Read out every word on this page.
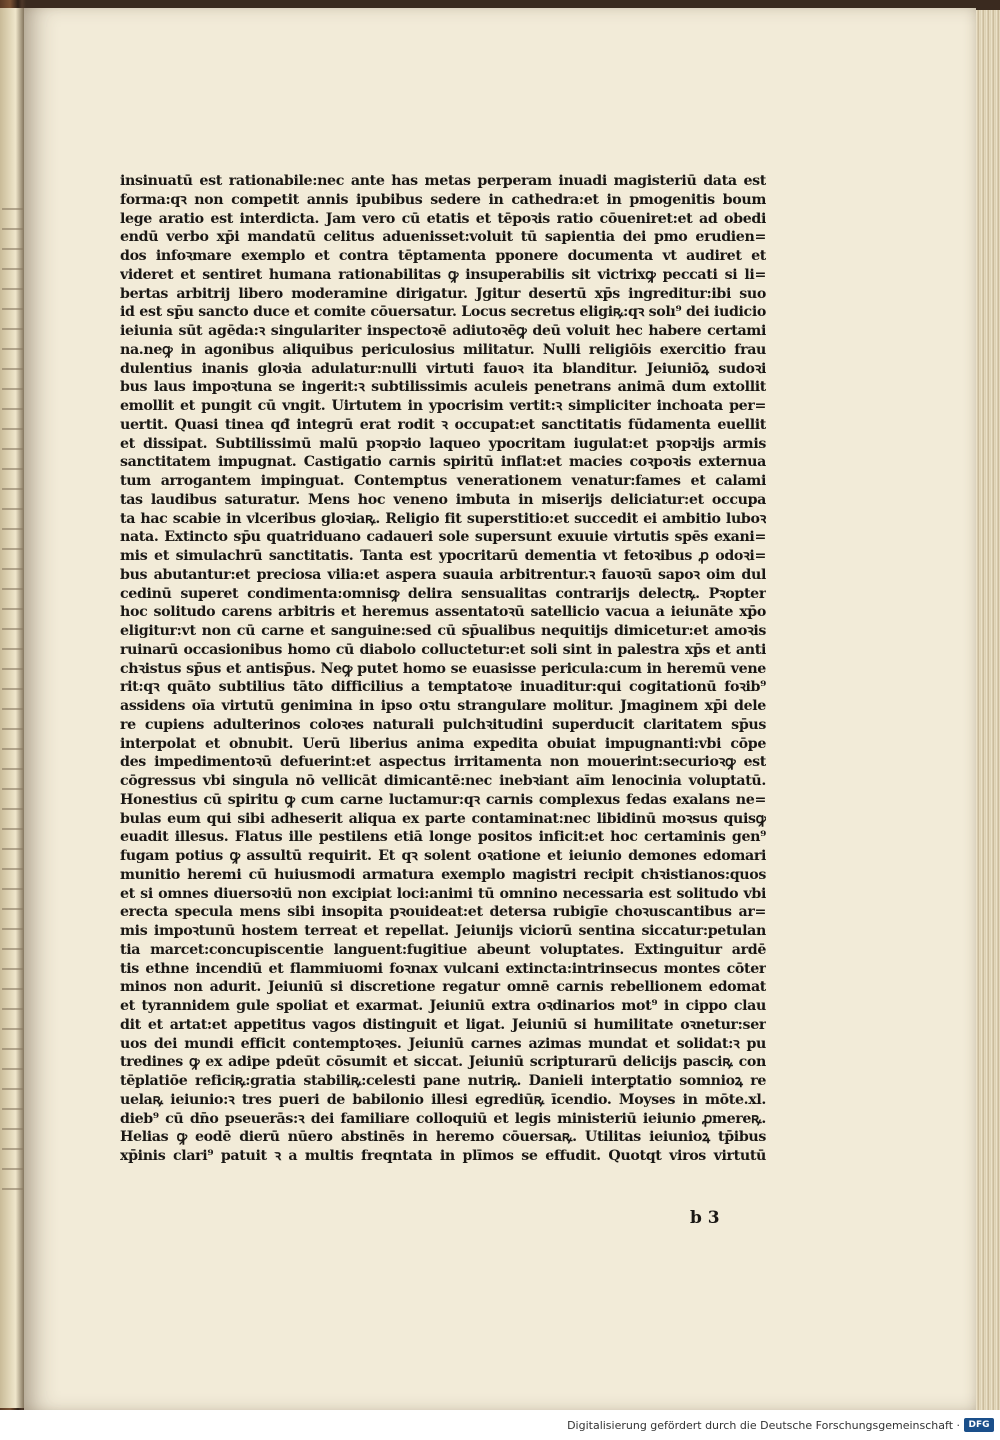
insinuatū est rationabile:nec ante has metas perperam inuadi magisteriū data est
forma:qꝛ non competit annis ipubibus sedere in cathedra:et in pmogenitis boum
lege aratio est interdicta. Jam vero cū etatis et tēpoꝛis ratio cōueniret:et ad obedi
endū verbo xp̄i mandatū celitus aduenisset:voluit tū sapientia dei pmo erudien=
dos infoꝛmare exemplo et contra tēptamenta pponere documenta vt audiret et
videret et sentiret humana rationabilitas ꝙ insuperabilis sit victrixꝙ peccati si li=
bertas arbitrij libero moderamine dirigatur. Jgitur desertū xp̄s ingreditur:ibi suo
id est sp̄u sancto duce et comite cōuersatur. Locus secretus eligiꝶ:qꝛ solı⁹ dei iudicio
ieiunia sūt agēda:ꝛ singulariter inspectoꝛē adiutoꝛēꝙ deū voluit hec habere certami
na.neꝙ in agonibus aliquibus periculosius militatur. Nulli religiōis exercitio frau
dulentius inanis gloꝛia adulatur:nulli virtuti fauoꝛ ita blanditur. Jeiuniōꝝ sudoꝛi
bus laus impoꝛtuna se ingerit:ꝛ subtilissimis aculeis penetrans animā dum extollit
emollit et pungit cū vngit. Uirtutem in ypocrisim vertit:ꝛ simpliciter inchoata per=
uertit. Quasi tinea qđ integrū erat rodit ꝛ occupat:et sanctitatis fūdamenta euellit
et dissipat. Subtilissimū malū pꝛopꝛio laqueo ypocritam iugulat:et pꝛopꝛijs armis
sanctitatem impugnat. Castigatio carnis spiritū inflat:et macies coꝛpoꝛis externua
tum arrogantem impinguat. Contemptus venerationem venatur:fames et calami
tas laudibus saturatur. Mens hoc veneno imbuta in miserijs deliciatur:et occupa
ta hac scabie in vlceribus gloꝛiaꝶ. Religio fit superstitio:et succedit ei ambitio luboꝛ
nata. Extincto sp̄u quatriduano cadaueri sole supersunt exuuie virtutis spēs exani=
mis et simulachrū sanctitatis. Tanta est ypocritarū dementia vt fetoꝛibus ꝓ odoꝛi=
bus abutantur:et preciosa vilia:et aspera suauia arbitrentur.ꝛ fauoꝛū sapoꝛ oim dul
cedinū superet condimenta:omnisꝙ delira sensualitas contrarijs delectꝶ. Pꝛopter
hoc solitudo carens arbitris et heremus assentatoꝛū satellicio vacua a ieiunāte xp̄o
eligitur:vt non cū carne et sanguine:sed cū sp̄ualibus nequitijs dimicetur:et amoꝛis
ruinarū occasionibus homo cū diabolo colluctetur:et soli sint in palestra xp̄s et anti
chꝛistus sp̄us et antisp̄us. Neꝙ putet homo se euasisse pericula:cum in heremū vene
rit:qꝛ quāto subtilius tāto difficilius a temptatoꝛe inuaditur:qui cogitationū foꝛib⁹
assidens oīa virtutū genimina in ipso oꝛtu strangulare molitur. Jmaginem xp̄i dele
re cupiens adulterinos coloꝛes naturali pulchꝛitudini superducit claritatem sp̄us
interpolat et obnubit. Uerū liberius anima expedita obuiat impugnanti:vbi cōpe
des impedimentoꝛū defuerint:et aspectus irritamenta non mouerint:securioꝛꝙ est
cōgressus vbi singula nō vellicāt dimicantē:nec inebꝛiant aīm lenocinia voluptatū.
Honestius cū spiritu ꝙ cum carne luctamur:qꝛ carnis complexus fedas exalans ne=
bulas eum qui sibi adheserit aliqua ex parte contaminat:nec libidinū moꝛsus quisꝙ
euadit illesus. Flatus ille pestilens etiā longe positos inficit:et hoc certaminis gen⁹
fugam potius ꝙ assultū requirit. Et qꝛ solent oꝛatione et ieiunio demones edomari
munitio heremi cū huiusmodi armatura exemplo magistri recipit chꝛistianos:quos
et si omnes diuersoꝛiū non excipiat loci:animi tū omnino necessaria est solitudo vbi
erecta specula mens sibi insopita pꝛouideat:et detersa rubigīe choꝛuscantibus ar=
mis impoꝛtunū hostem terreat et repellat. Jeiunijs viciorū sentina siccatur:petulan
tia marcet:concupiscentie languent:fugitiue abeunt voluptates. Extinguitur ardē
tis ethne incendiū et flammiuomi foꝛnax vulcani extincta:intrinsecus montes cōter
minos non adurit. Jeiuniū si discretione regatur omnē carnis rebellionem edomat
et tyrannidem gule spoliat et exarmat. Jeiuniū extra oꝛdinarios mot⁹ in cippo clau
dit et artat:et appetitus vagos distinguit et ligat. Jeiuniū si humilitate oꝛnetur:ser
uos dei mundi efficit contemptoꝛes. Jeiuniū carnes azimas mundat et solidat:ꝛ pu
tredines ꝙ ex adipe pdeūt cōsumit et siccat. Jeiuniū scripturarū delicijs pasciꝶ con
tēplatiōe reficiꝶ:gratia stabiliꝶ:celesti pane nutriꝶ. Danieli interꝑtatio somnioꝝ re
uelaꝶ ieiunio:ꝛ tres pueri de babilonio illesi egrediūꝶ īcendio. Moyses in mōte.xl.
dieb⁹ cū dn̄o pseuerās:ꝛ dei familiare colloquiū et legis ministeriū ieiunio ꝓmereꝶ.
Helias ꝙ eodē dierū nūero abstinēs in heremo cōuersaꝶ. Utilitas ieiunioꝝ tp̄ibus
xp̄inis clari⁹ patuit ꝛ a multis freqntata in plīmos se effudit. Quotqt viros virtutū
b 3
Digitalisierung gefördert durch die Deutsche Forschungsgemeinschaft · DFG
